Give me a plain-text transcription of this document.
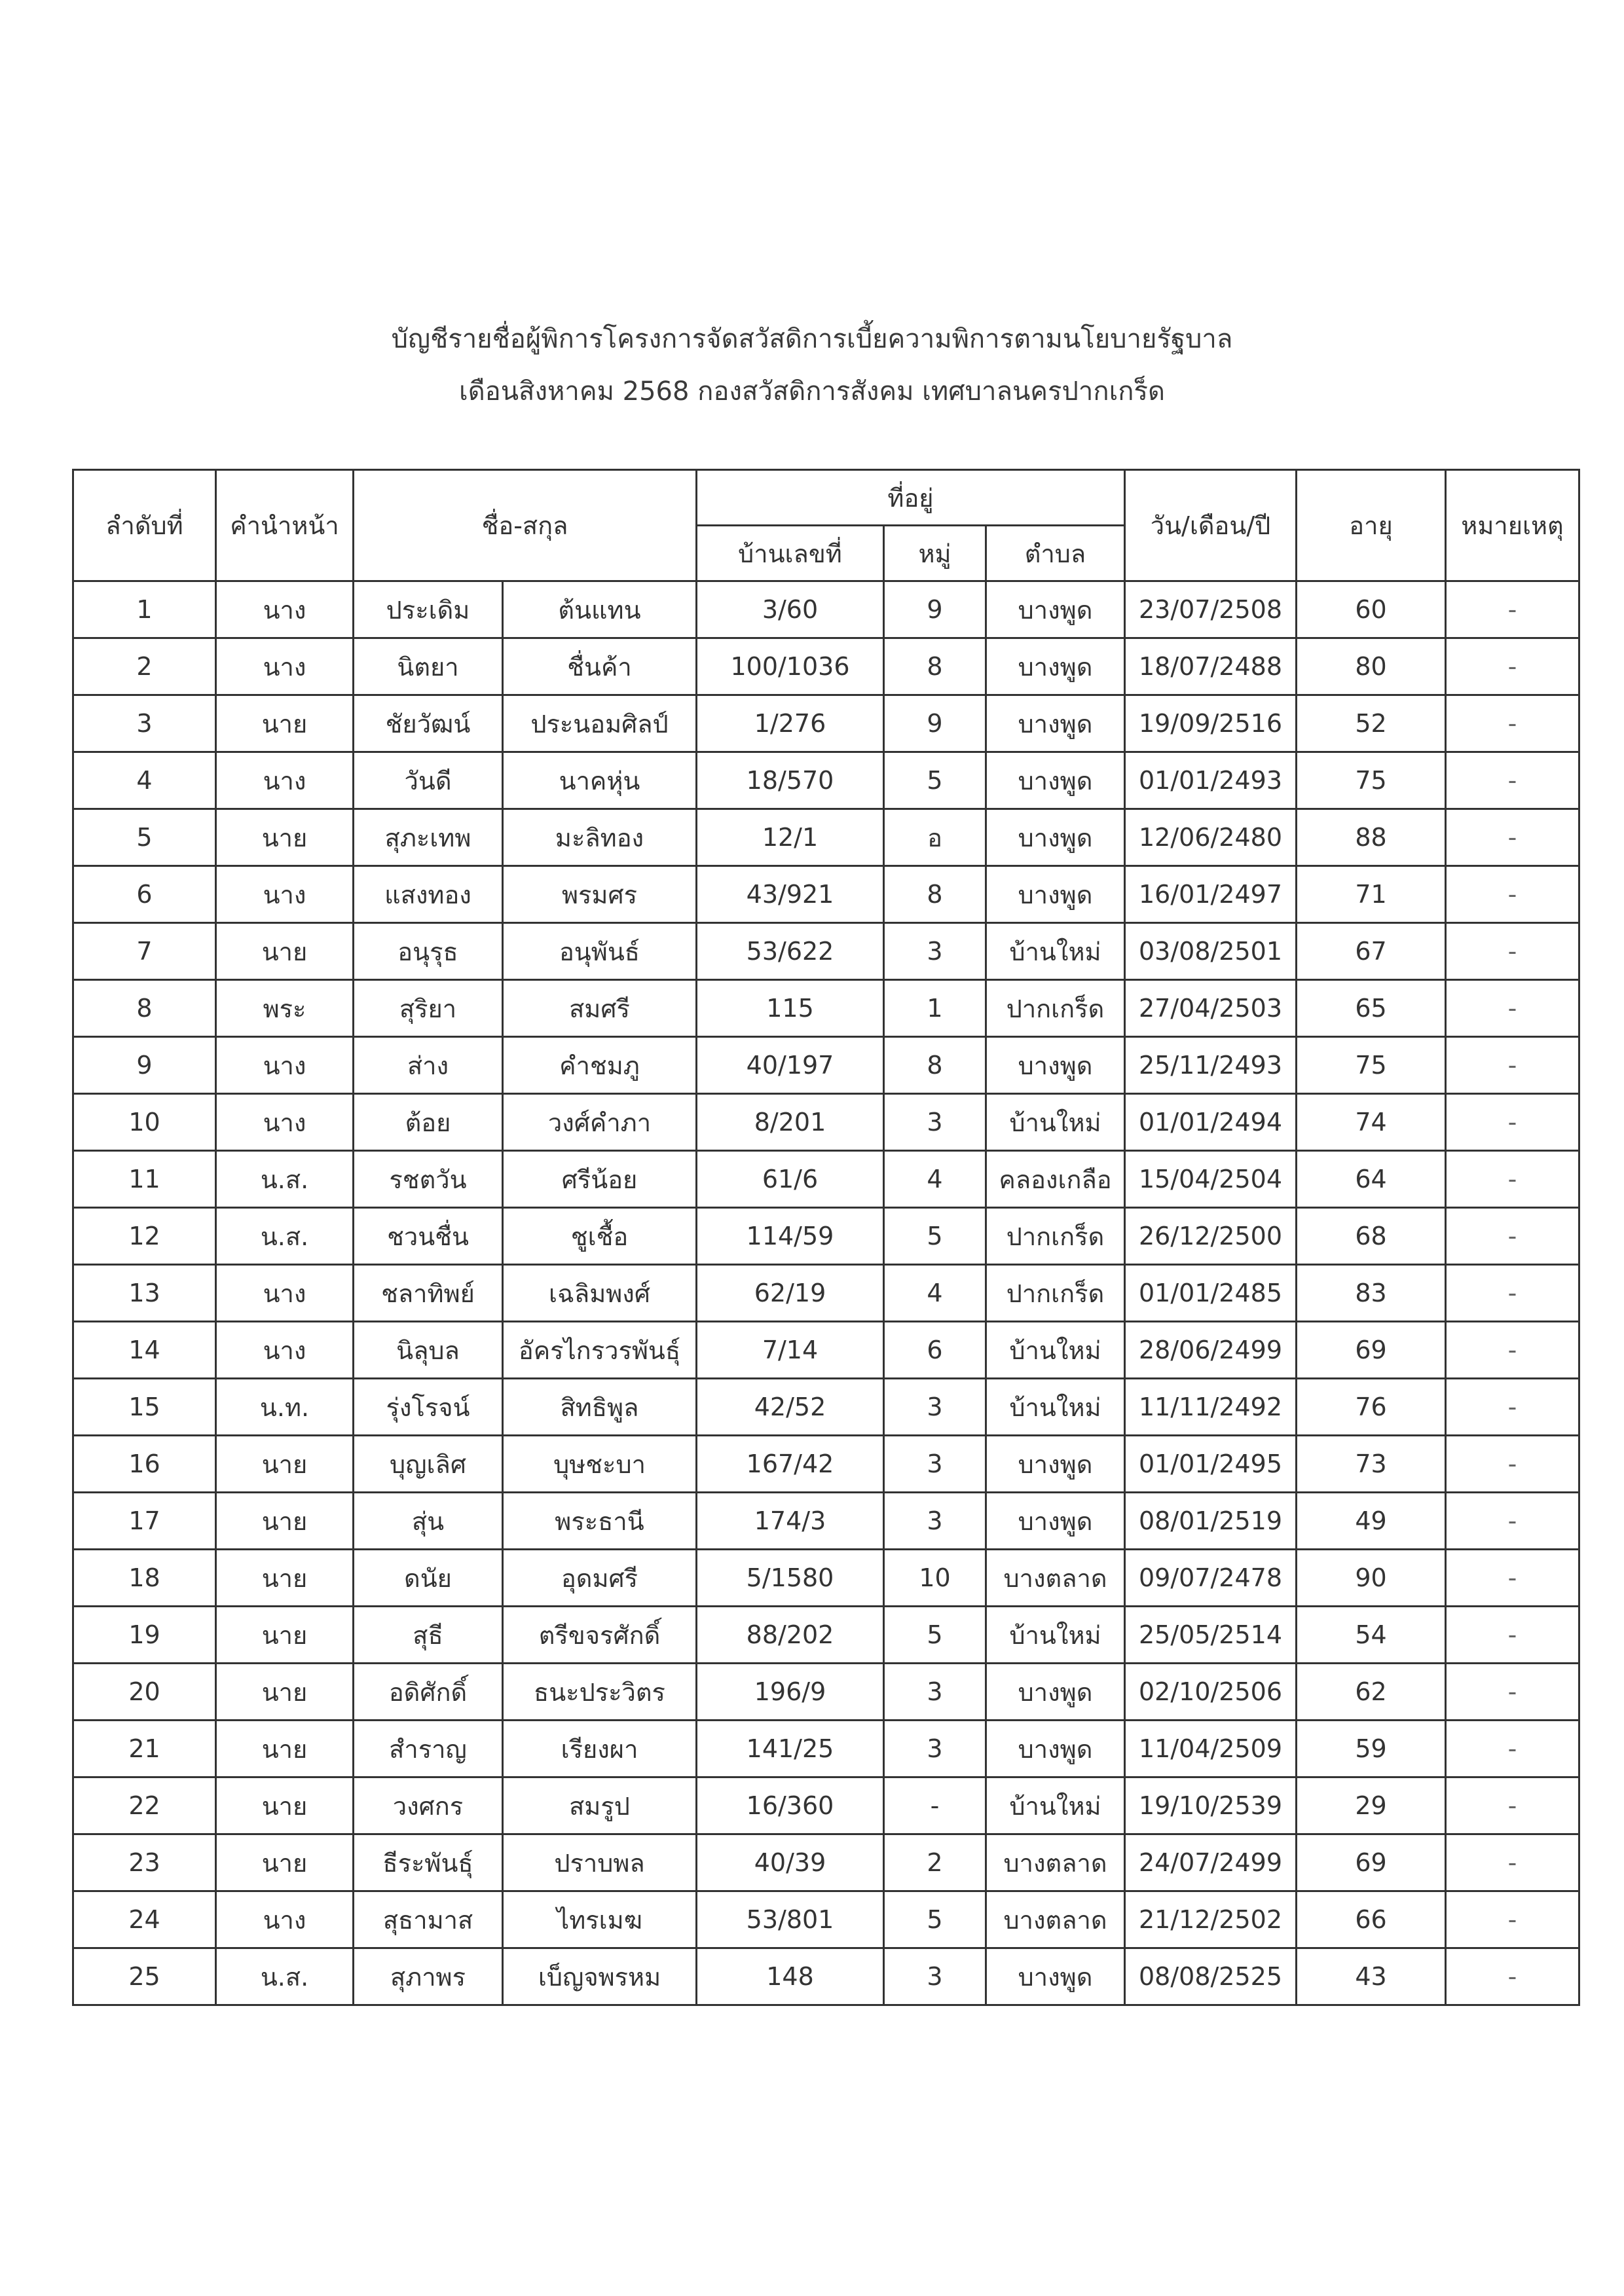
บัญชีรายชื่อผู้พิการโครงการจัดสวัสดิการเบี้ยความพิการตามนโยบายรัฐบาล
เดือนสิงหาคม 2568 กองสวัสดิการสังคม เทศบาลนครปากเกร็ด
ลำดับที่	คำนำหน้า	ชื่อ-สกุล		ที่อยู่			วัน/เดือน/ปี	อายุ	หมายเหตุ
				บ้านเลขที่	หมู่	ตำบล			
1	นาง	ประเดิม	ต้นแทน	3/60	9	บางพูด	23/07/2508	60	-
2	นาง	นิตยา	ชื่นค้า	100/1036	8	บางพูด	18/07/2488	80	-
3	นาย	ชัยวัฒน์	ประนอมศิลป์	1/276	9	บางพูด	19/09/2516	52	-
4	นาง	วันดี	นาคหุ่น	18/570	5	บางพูด	01/01/2493	75	-
5	นาย	สุภะเทพ	มะลิทอง	12/1	อ	บางพูด	12/06/2480	88	-
6	นาง	แสงทอง	พรมศร	43/921	8	บางพูด	16/01/2497	71	-
7	นาย	อนุรุธ	อนุพันธ์	53/622	3	บ้านใหม่	03/08/2501	67	-
8	พระ	สุริยา	สมศรี	115	1	ปากเกร็ด	27/04/2503	65	-
9	นาง	ส่าง	คำชมภู	40/197	8	บางพูด	25/11/2493	75	-
10	นาง	ต้อย	วงศ์คำภา	8/201	3	บ้านใหม่	01/01/2494	74	-
11	น.ส.	รชตวัน	ศรีน้อย	61/6	4	คลองเกลือ	15/04/2504	64	-
12	น.ส.	ชวนชื่น	ชูเชื้อ	114/59	5	ปากเกร็ด	26/12/2500	68	-
13	นาง	ชลาทิพย์	เฉลิมพงศ์	62/19	4	ปากเกร็ด	01/01/2485	83	-
14	นาง	นิลุบล	อัครไกรวรพันธุ์	7/14	6	บ้านใหม่	28/06/2499	69	-
15	น.ท.	รุ่งโรจน์	สิทธิพูล	42/52	3	บ้านใหม่	11/11/2492	76	-
16	นาย	บุญเลิศ	บุษชะบา	167/42	3	บางพูด	01/01/2495	73	-
17	นาย	สุ่น	พระธานี	174/3	3	บางพูด	08/01/2519	49	-
18	นาย	ดนัย	อุดมศรี	5/1580	10	บางตลาด	09/07/2478	90	-
19	นาย	สุธี	ตรีขจรศักดิ์	88/202	5	บ้านใหม่	25/05/2514	54	-
20	นาย	อดิศักดิ์	ธนะประวิตร	196/9	3	บางพูด	02/10/2506	62	-
21	นาย	สำราญ	เรียงผา	141/25	3	บางพูด	11/04/2509	59	-
22	นาย	วงศกร	สมรูป	16/360	-	บ้านใหม่	19/10/2539	29	-
23	นาย	ธีระพันธุ์	ปราบพล	40/39	2	บางตลาด	24/07/2499	69	-
24	นาง	สุธามาส	ไทรเมฆ	53/801	5	บางตลาด	21/12/2502	66	-
25	น.ส.	สุภาพร	เบ็ญจพรหม	148	3	บางพูด	08/08/2525	43	-
